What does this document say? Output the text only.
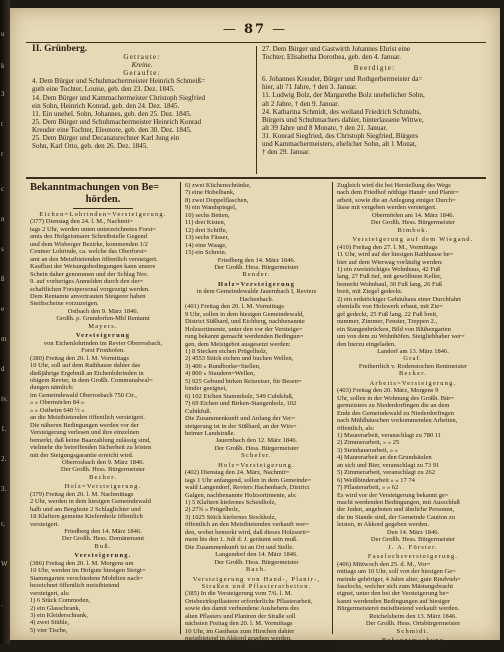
— 87 —

II. Grünberg.

Getraute:

Kreine.

Geraufte:

4. Dem Bürger und Schuhmachermeister Heinrich Schmeiß=

guth eine Tochter, Louise, geb. den 23. Dez. 1845.

14. Dem Bürger und Kammachermeister Christoph Siegfried

ein Sohn, Heinrich Konrad, geb. den 24. Dez. 1845.

11. Ein unehel. Sohn, Johannes, geb. den 25. Dez. 1845.

25. Dem Bürger und Schuhmachermeister Heinrich Konrad

Kreuder eine Tochter, Eleonore, geb. den 30. Dez. 1845.

25. Dem Bürger und Decanatsrechner Karl Jung ein

Sohn, Karl Otto, geb. den 26. Dez. 1845.

27. Dem Bürger und Gastwirth Johannes Ehrist eine

Tochter, Elisabetha Dorothea, geb. den 4. Januar.

Beerdigte:

6. Johannes Kreuder, Bürger und Rothgerbermeister da=

hier, alt 71 Jahre, † den 3. Januar.

11. Ludwig Bolz, der Margarethe Bolz unehelicher Sohn,

alt 2 Jahre, † den 9. Januar.

24. Katharina Schmidt, des weiland Friedrich Schmidts,

Bürgers und Schuhmachers dahier, hinterlassene Wittwe,

alt 39 Jahre und 8 Monate, † den 21. Januar.

31. Konrad Siegfried, des Christoph Siegfried, Bürgers

und Kammachermeisters, ehelicher Sohn, alt 1 Monat,

† den 29. Januar.

Bekanntmachungen von Be=

hörden.

Eichen=Lohrinden=Versteigerung.

(377) Dienstag den 24. l. M., Nachmit=

tags 2 Uhr, werden unten unterzeichnetes Forst=

amts des Hofgeismarer Schreibstelle Gegend

und dem Wisberger Bezirke, kommenden 1/2

Centner Lohrinde, ca. welche das Oberforst=

amt an den Meistbietenden öffentlich versteigert.

Kauflust der Weisungsbedingungen kann unsere

Schein daher genommen und der Schlag Nro.

9. auf vorheriges Anmelden durch den der=

schaftlichen Forstpersonal vorgezeigt werden.

Dem Rentamte anvertrauten Steigerer haben

Steiftscheine vorzuzeigen.

Ostbach den 9. März 1846.

Großh. ρ. Grundorfen-Mbl Rentamt

Mayers.

Versteigerung

von Eichenlohrinden im Revier Oberrosbach,

Forst Fronhofen.

(380) Freitag den 20. l. M. Vormittags

10 Uhr, soll auf dem Rathhause dahier das

dießjährige Ergebniß an Eichenlohrinden in

obigem Revier, in dem Großh. Communalwal=

dungen nämlich:

im Gemeindewald Oberrosbach 750 Ctr.,

» » Obermörlen 84 »

» » Ostheim 640 ½ »

an die Meistbietenden öffentlich versteigert.

Die näheren Bedingungen werden vor der

Versteigerung verlesen und ihre einzelnen

bemerkt, daß keine Baarzahlung zulässig sind,

vielmehr die betreffenden Sicherheit zu leisten

mit der Steigungsgarantie erreicht wird.

Oberrosbach den 9. März 1846.

Der Großh. Hess. Bürgermeister

Becher.

Holz=Versteigerung.

(379) Freitag den 20. l. M. Nachmittags

2 Uhr, werden in dem hiesigen Gemeindewald

halb und am Bergfeste 2 Schlaglichter und

18 Klaftern gemeine Kiefernholz öffentlich

versteigert.

Friedberg den 14. März 1846.

Der Großh. Hess. Domänenamt

Buß.

Versteigerung.

(386) Freitag den 20. l. M. Morgens um

10 Uhr, werden im Hofgute hiesigen Steigt=

Stammgarten verschiedene Mobilien nach=

bezeichnet öffentlich meistbietend

versteigert, als:

1) 6 Stück Commoden,

2) ein Glasschrank,

3) ein Kleiderschrank,

4) zwei Stühle,

5) vier Tische,

6) zwei Küchenschränke,

7) eine Hobelbank,

8) zwei Doppelflaschen,

9) ein Wandspiegel,

10) sechs Betten,

11) drei Kisten,

12) drei Schiffe,

13) sechs Fässer,

14) eine Waage,

15) ein Schrein.

Friedberg den 14. März 1846.

Der Großh. Hess. Bürgermeister

Bender.

Holz=Versteigerung

in dem Gemeindewalde Jauernbach I, Reviers

Hachenbach.

(401) Freitag den 20. l. M. Vormittags

9 Uhr, sollen in dem hiesigen Gemeindewald,

District Süßhard, und Eichberg, nachbenannte

Holzsortimente, unter den vor der Versteige=

rung bekannt gemacht werdenden Bedingun=

gen, dem Meistgebot ausgesetzt werden:

1) 8 Stecken eichen Prügelholz,

2) 4553 Stück eichen und buchen Wellen,

3) 400 » Rundborke=Stellen,

4) 800 » Staudern=Wellen,

5) 925 Gebund birken Reisreiser, für Besen=

binder geeignet,

6) 102 Eichen Stammholz, 549 Cubikfuß,

7) 69 Eichen und Birken-Stangenholz, 102

Cubikfuß.

Die Zusammenkunft und Anfang der Ver=

steigerung ist in der Süßhard, an der Wirs=

heimer Landstraße.

Jauernbach den 12. März 1846.

Der Großh. Hess. Bürgermeister

Schefer.

Holz=Versteigerung.

(402) Dienstag den 24. März, Nachmit=

tags 1 Uhr anfangend, sollen in dem Gemeinde=

wald Langendorf, Reviers Hachenbach, District

Galgen, nachbenannte Holzsortimente, als:

1) 5 Klaftern kiefernes Scheidholz,

2) 27¾ » Prügelholz,

3) 1025 Stück kiefernes Stockholz,

öffentlich an den Meistbietenden verkauft wer=

den, wobei bemerkt wird, daß dieses Holzsorti=

ment bis den 1. Juli d. J. geräumt sein muß.

Die Zusammenkunft ist an Ort und Stelle.

Langendorf den 14. März 1846.

Der Großh. Hess. Bürgermeister

Bach.

Versteigerung von Hand-, Planir-,

Straßen und Pflasterarbeiten.

(385) In die Versteigerung vom 7/6. l. M.

Ortsbezirkspflasterer erforderliche Pflasterarbeit,

sowie des damit verbundene Aushebens des

alten Pflasters und Planiren der Straße soll

nächsten Freitag den 20. l. M. Vormittags

10 Uhr, im Gasthaus zum Hirschen dahier

meistbietend in Akkord gegeben werden.

Zugleich wird die bei Herstellung des Wegs

nach dem Friedhof nöthige Hand= und Planir=

arbeit, sowie die an Anlegung einiger Durch=

lässe mit vergeben werden versteigert.

Obermörlen am 14. März 1846.

Der Großh. Hess. Bürgermeister

Bimbok.

Versteigerung auf dem Wiegand.

(410) Freitag den 27. l. M., Vormittags

11 Uhr, wird auf der hiesigen Rathhause be=

hier auf dem Wierwag vorläufig werden:

1) ein zweistöckiges Wohnhaus, 42 Fuß

lang, 27 Fuß tief, mit gewölbtem Keller,

bemerkt Wohnbaul, 30 Fuß lang, 26 Fuß

breit, mit Ziegel gedeckt.

2) ein erdstöckiger Gebäuhaus einer Durchfahrt

ebenfalls von Holzwerk erbaut, mit Zie=

gel gedeckt, 25 Fuß lang, 22 Fuß breit,

nummer, Zimmer, Fenster, Treppen 2.,

ein Stangenbrücken, Bild von Blühengarten

um von dem zu Wohnhöfen. Steigliebhaber wer=

den hierzu eingeladen.

Landorf am 13. März 1846.

Graf.

Freiherrlich v. Rodenstochen Rentmeister

Becker.

Arbeits=Versteigerung.

(403) Freitag den 20. März, Morgens 9

Uhr, sollen in der Wohnung des Großh. Bür=

germeisters zu Niederdorfingen die an dem

Ende des Gemeindewald zu Niederdorfingen

nach Mühlhäuschen vorkommenden Arbeiten,

öffentlich, als:

1) Maurerarbeit, veranschlagt zu 780 11

2) Zimmerarbeit, » » 25

3) Steinhauerarbeit, » »

4) Maurerarbeit an den Grundsäulen

an sich und Bier, veranschlagt zu 73 91

5) Zimmerarbeit, veranschlagt zu 262

6) Weißbinderarbeit » » 17 74

7) Pflasterarbeit, » » 62

Es wird vor der Versteigerung bekannt ge=

macht werdenden Bedingungen, mit Ausschluß

der Juden, angeboten und ähnliche Personen,

die im Stande sind, der Gemeinde Caution zu

leisten, in Akkord gegeben werden.

Den 14. März 1846.

Der Großh. Hess. Bürgermeister

J. A. Förster.

Faselochsversteigerung.

(406) Mittwoch den 25. d. M., Vor=

mittags um 10 Uhr, soll von der hiesigen Ge=

meinde gehöriger, 4 Jahre alter, gute Rindvieh=

faselochs, welcher sich zum Mästungsbracht

eignet, unter den bei der Versteigerung be=

kannt werdenden Bedingungen auf hiesiger

Bürgermeisterei meistbietend verkauft werden.

Reichelsheim den 13. März 1846.

Der Großh. Hess. Ortsbürgermeister

Schmidt.

Bekanntmachung

(407) Freitag den 20. l. M., Vormittags

u
k
3
t
r
c
n
s
ß
e
m
d
iv.
1.
2.
3.
r,
W
.
